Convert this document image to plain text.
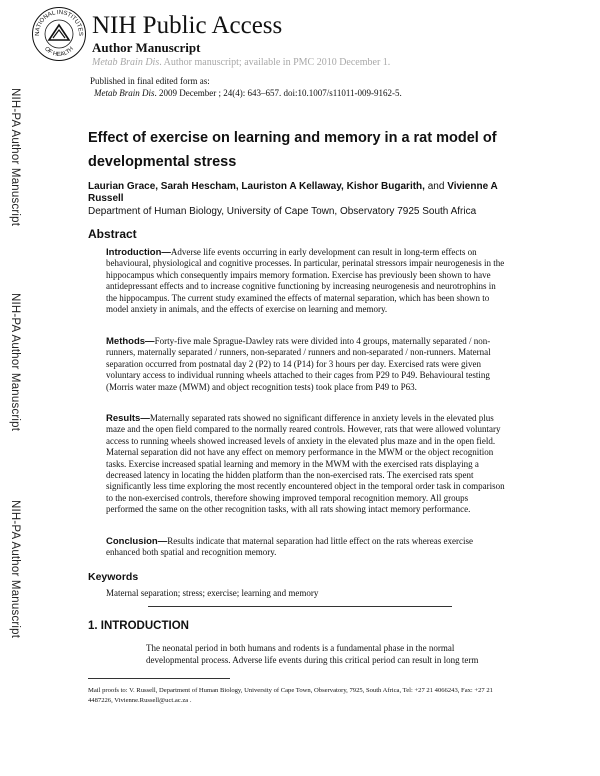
NATIONAL INSTITUTES
OF HEALTH
NIH Public Access
Author Manuscript
Metab Brain Dis. Author manuscript; available in PMC 2010 December 1.
NIH-PA Author Manuscript
NIH-PA Author Manuscript
NIH-PA Author Manuscript
Published in final edited form as:
Metab Brain Dis. 2009 December ; 24(4): 643–657. doi:10.1007/s11011-009-9162-5.
Effect of exercise on learning and memory in a rat model of developmental stress
Laurian Grace, Sarah Hescham, Lauriston A Kellaway, Kishor Bugarith, and Vivienne A Russell
Department of Human Biology, University of Cape Town, Observatory 7925 South Africa
Abstract
Introduction—Adverse life events occurring in early development can result in long-term effects on behavioural, physiological and cognitive processes. In particular, perinatal stressors impair neurogenesis in the hippocampus which consequently impairs memory formation. Exercise has previously been shown to have antidepressant effects and to increase cognitive functioning by increasing neurogenesis and neurotrophins in the hippocampus. The current study examined the effects of maternal separation, which has been shown to model anxiety in animals, and the effects of exercise on learning and memory.
Methods—Forty-five male Sprague-Dawley rats were divided into 4 groups, maternally separated / non-runners, maternally separated / runners, non-separated / runners and non-separated / non-runners. Maternal separation occurred from postnatal day 2 (P2) to 14 (P14) for 3 hours per day. Exercised rats were given voluntary access to individual running wheels attached to their cages from P29 to P49. Behavioural testing (Morris water maze (MWM) and object recognition tests) took place from P49 to P63.
Results—Maternally separated rats showed no significant difference in anxiety levels in the elevated plus maze and the open field compared to the normally reared controls. However, rats that were allowed voluntary access to running wheels showed increased levels of anxiety in the elevated plus maze and in the open field. Maternal separation did not have any effect on memory performance in the MWM or the object recognition tasks. Exercise increased spatial learning and memory in the MWM with the exercised rats displaying a decreased latency in locating the hidden platform than the non-exercised rats. The exercised rats spent significantly less time exploring the most recently encountered object in the temporal order task in comparison to the non-exercised controls, therefore showing improved temporal recognition memory. All groups performed the same on the other recognition tasks, with all rats showing intact memory performance.
Conclusion—Results indicate that maternal separation had little effect on the rats whereas exercise enhanced both spatial and recognition memory.
Keywords
Maternal separation; stress; exercise; learning and memory
1. INTRODUCTION
The neonatal period in both humans and rodents is a fundamental phase in the normal developmental process. Adverse life events during this critical period can result in long term
Mail proofs to: V. Russell, Department of Human Biology, University of Cape Town, Observatory, 7925, South Africa, Tel: +27 21 4066243, Fax: +27 21 4487226, Vivienne.Russell@uct.ac.za .
